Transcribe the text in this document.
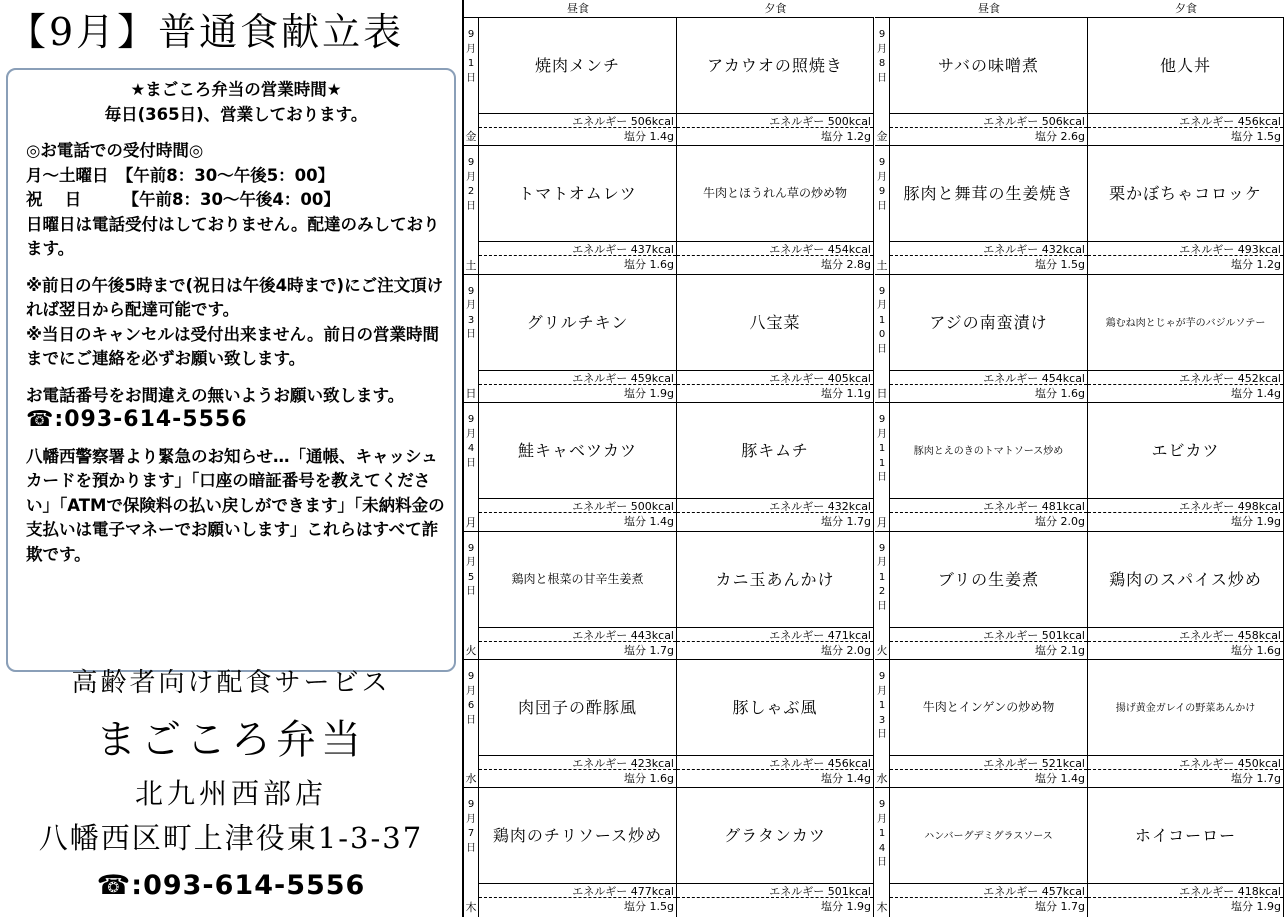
【9月】普通食献立表
★まごころ弁当の営業時間★
毎日(365日)、営業しております。
◎お電話での受付時間◎
月～土曜日　【午前8：30～午後5：00】
祝　 日　　　【午前8：30～午後4：00】
日曜日は電話受付はしておりません。配達のみしております。
※前日の午後5時まで(祝日は午後4時まで)にご注文頂ければ翌日から配達可能です。
※当日のキャンセルは受付出来ません。前日の営業時間までにご連絡を必ずお願い致します。
お電話番号をお間違えの無いようお願い致します。
☎:093-614-5556
八幡西警察署より緊急のお知らせ…「通帳、キャッシュカードを預かります」「口座の暗証番号を教えてください」「ATMで保険料の払い戻しができます」「未納料金の支払いは電子マネーでお願いします」これらはすべて詐欺です。
高齢者向け配食サービス
まごころ弁当
北九州西部店
八幡西区町上津役東1-3-37
☎:093-614-5556
昼食	夕食
9
月
1
日
金
焼肉メンチ
エネルギー 506kcal
塩分 1.4g
アカウオの照焼き
エネルギー 500kcal
塩分 1.2g
9
月
2
日
土
トマトオムレツ
エネルギー 437kcal
塩分 1.6g
牛肉とほうれん草の炒め物
エネルギー 454kcal
塩分 2.8g
9
月
3
日
日
グリルチキン
エネルギー 459kcal
塩分 1.9g
八宝菜
エネルギー 405kcal
塩分 1.1g
9
月
4
日
月
鮭キャベツカツ
エネルギー 500kcal
塩分 1.4g
豚キムチ
エネルギー 432kcal
塩分 1.7g
9
月
5
日
火
鶏肉と根菜の甘辛生姜煮
エネルギー 443kcal
塩分 1.7g
カニ玉あんかけ
エネルギー 471kcal
塩分 2.0g
9
月
6
日
水
肉団子の酢豚風
エネルギー 423kcal
塩分 1.6g
豚しゃぶ風
エネルギー 456kcal
塩分 1.4g
9
月
7
日
木
鶏肉のチリソース炒め
エネルギー 477kcal
塩分 1.5g
グラタンカツ
エネルギー 501kcal
塩分 1.9g
昼食	夕食
9
月
8
日
金
サバの味噌煮
エネルギー 506kcal
塩分 2.6g
他人丼
エネルギー 456kcal
塩分 1.5g
9
月
9
日
土
豚肉と舞茸の生姜焼き
エネルギー 432kcal
塩分 1.5g
栗かぼちゃコロッケ
エネルギー 493kcal
塩分 1.2g
9
月
1
0
日
日
アジの南蛮漬け
エネルギー 454kcal
塩分 1.6g
鶏むね肉とじゃが芋のバジルソテー
エネルギー 452kcal
塩分 1.4g
9
月
1
1
日
月
豚肉とえのきのトマトソース炒め
エネルギー 481kcal
塩分 2.0g
エビカツ
エネルギー 498kcal
塩分 1.9g
9
月
1
2
日
火
ブリの生姜煮
エネルギー 501kcal
塩分 2.1g
鶏肉のスパイス炒め
エネルギー 458kcal
塩分 1.6g
9
月
1
3
日
水
牛肉とインゲンの炒め物
エネルギー 521kcal
塩分 1.4g
揚げ黄金ガレイの野菜あんかけ
エネルギー 450kcal
塩分 1.7g
9
月
1
4
日
木
ハンバーグデミグラスソース
エネルギー 457kcal
塩分 1.7g
ホイコーロー
エネルギー 418kcal
塩分 1.9g
